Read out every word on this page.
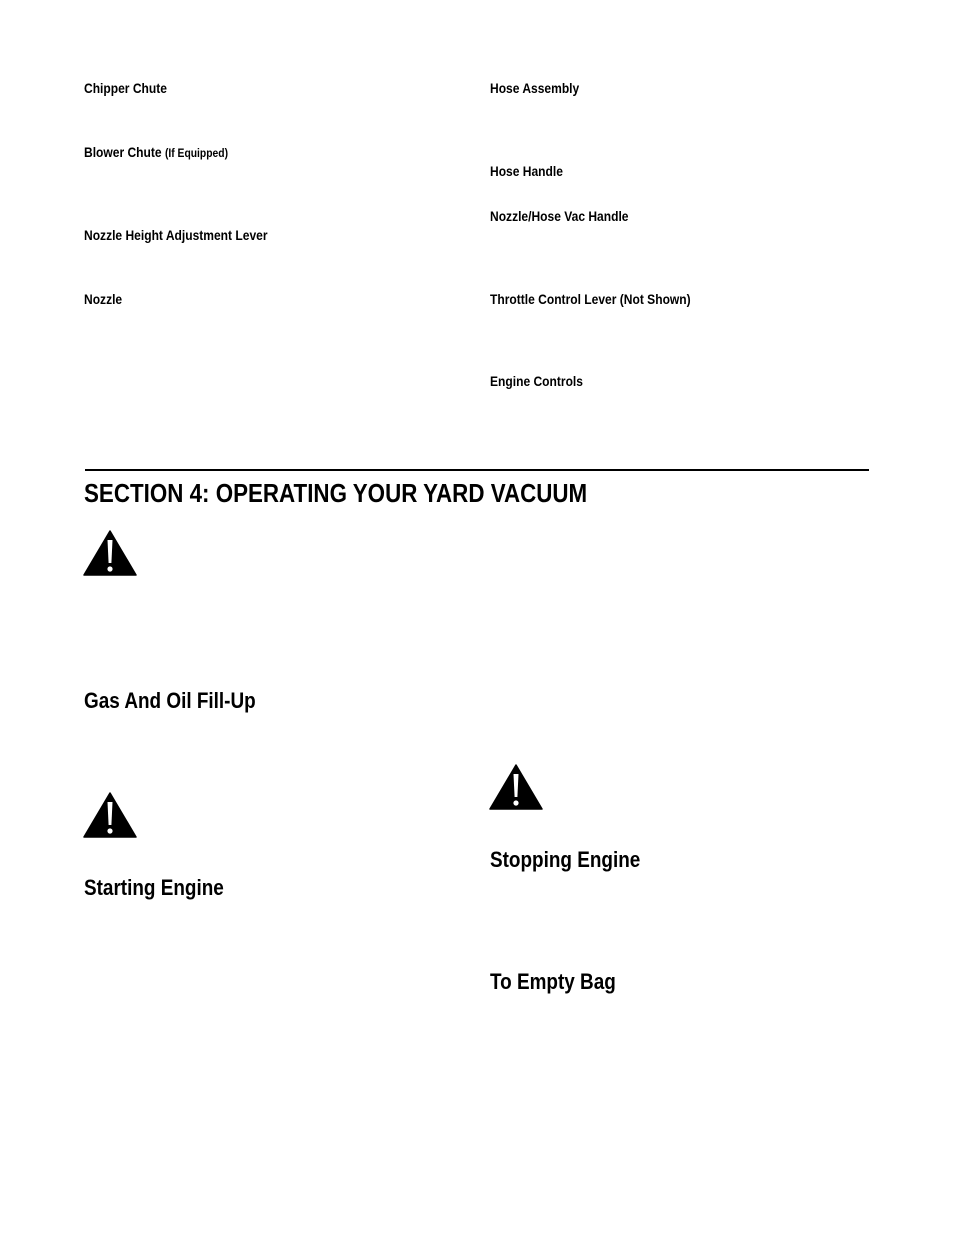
Chipper Chute
Blower Chute (If Equipped)
Nozzle Height Adjustment Lever
Nozzle
Hose Assembly
Hose Handle
Nozzle/Hose Vac Handle
Throttle Control Lever (Not Shown)
Engine Controls
SECTION 4: OPERATING YOUR YARD VACUUM
Gas And Oil Fill-Up
Starting Engine
Stopping Engine
To Empty Bag
